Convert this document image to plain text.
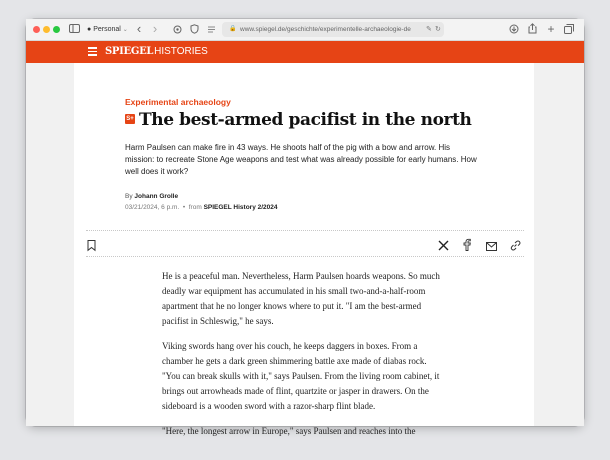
● Personal ⌄ ‹ ›	🔒 www.spiegel.de/geschichte/experimentelle-archaeologie-de	✎ ↻	+
SPIEGELHISTORIES
Experimental archaeology
S+ The best-armed pacifist in the north
Harm Paulsen can make fire in 43 ways. He shoots half of the pig with a bow and arrow. His mission: to recreate Stone Age weapons and test what was already possible for early humans. How well does it work?
By Johann Grolle
03/21/2024, 6 p.m. • from SPIEGEL History 2/2024

He is a peaceful man. Nevertheless, Harm Paulsen hoards weapons. So much deadly war equipment has accumulated in his small two-and-a-half-room apartment that he no longer knows where to put it. "I am the best-armed pacifist in Schleswig," he says.

Viking swords hang over his couch, he keeps daggers in boxes. From a chamber he gets a dark green shimmering battle axe made of diabas rock. "You can break skulls with it," says Paulsen. From the living room cabinet, it brings out arrowheads made of flint, quartzite or jasper in drawers. On the sideboard is a wooden sword with a razor-sharp flint blade.

"Here, the longest arrow in Europe," says Paulsen and reaches into the
